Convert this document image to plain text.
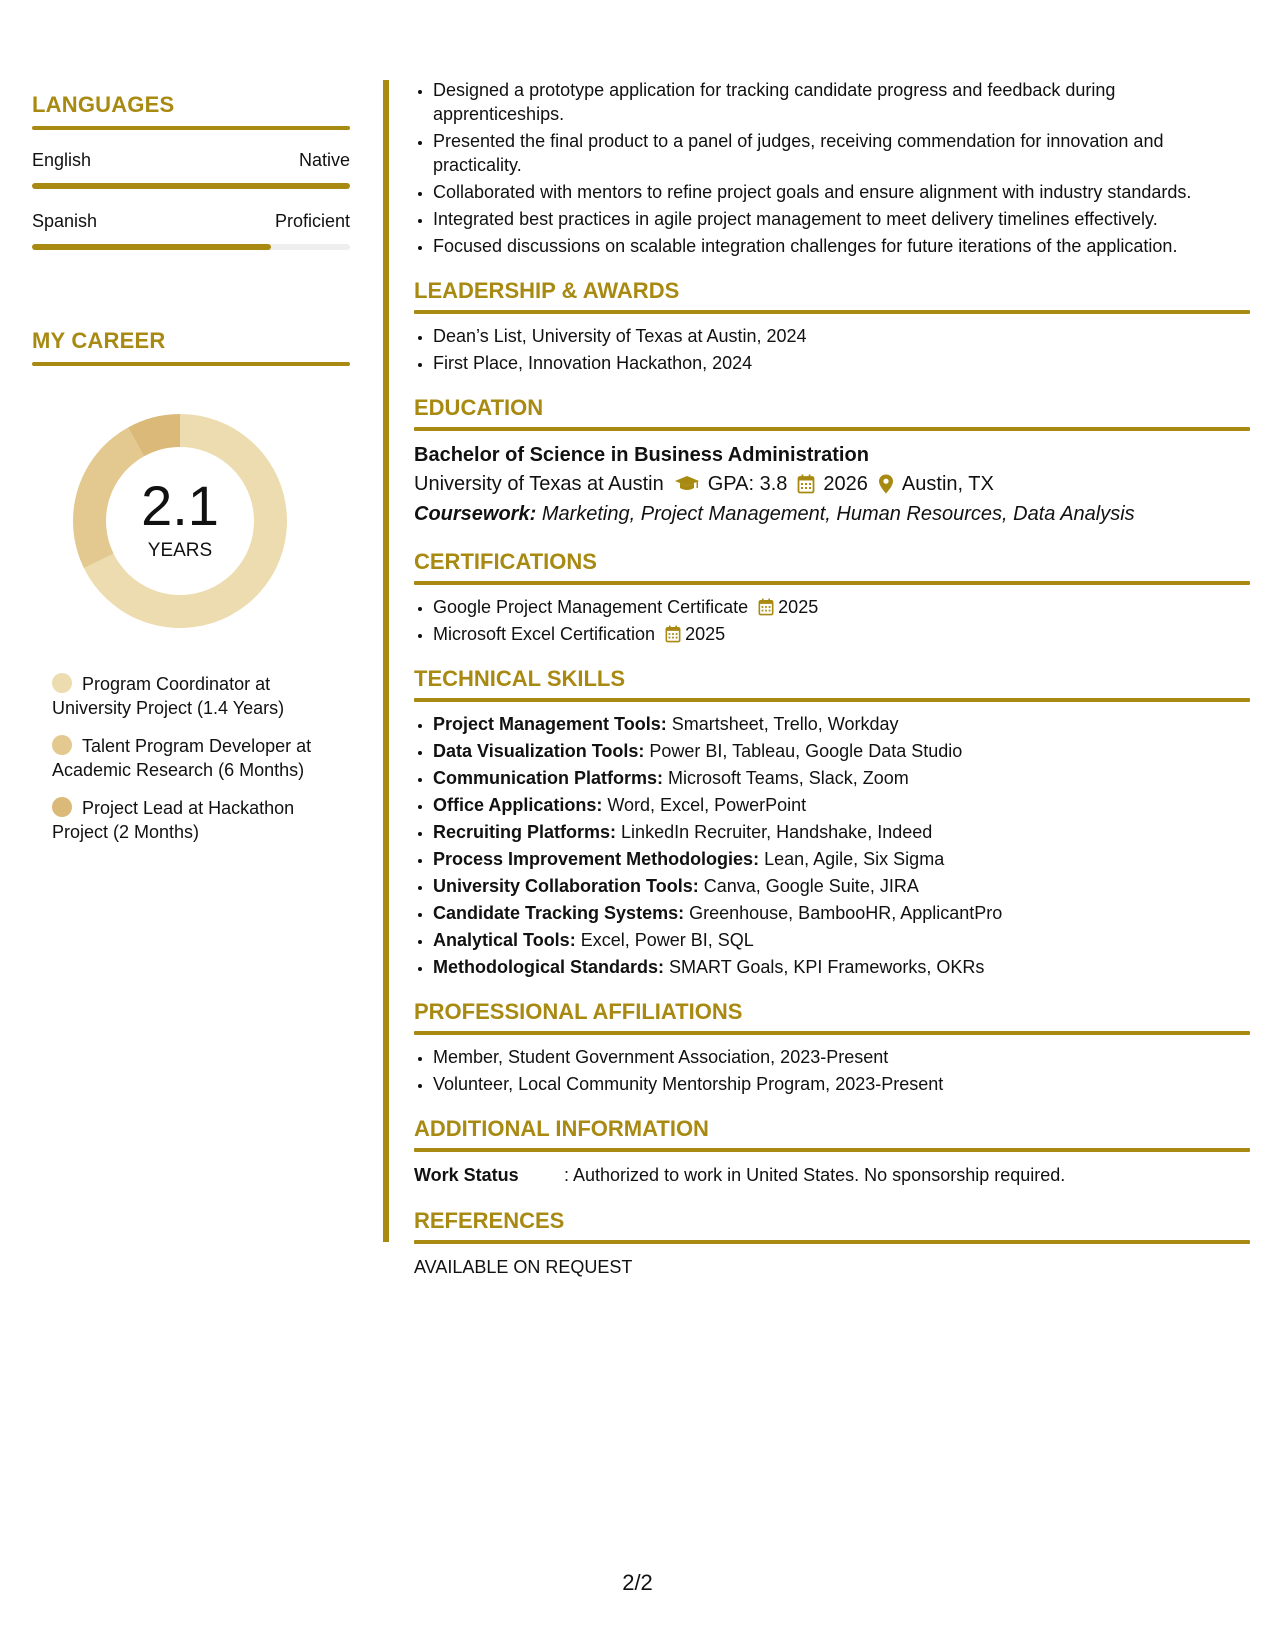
LANGUAGES
English	Native
Spanish	Proficient
MY CAREER
2.1
YEARS
Program Coordinator at University Project (1.4 Years)
Talent Program Developer at Academic Research (6 Months)
Project Lead at Hackathon Project (2 Months)
• Designed a prototype application for tracking candidate progress and feedback during apprenticeships.
• Presented the final product to a panel of judges, receiving commendation for innovation and practicality.
• Collaborated with mentors to refine project goals and ensure alignment with industry standards.
• Integrated best practices in agile project management to meet delivery timelines effectively.
• Focused discussions on scalable integration challenges for future iterations of the application.
LEADERSHIP & AWARDS
• Dean’s List, University of Texas at Austin, 2024
• First Place, Innovation Hackathon, 2024
EDUCATION
Bachelor of Science in Business Administration
University of Texas at Austin GPA: 3.8 2026 Austin, TX
Coursework: Marketing, Project Management, Human Resources, Data Analysis
CERTIFICATIONS
• Google Project Management Certificate 2025
• Microsoft Excel Certification 2025
TECHNICAL SKILLS
• Project Management Tools: Smartsheet, Trello, Workday
• Data Visualization Tools: Power BI, Tableau, Google Data Studio
• Communication Platforms: Microsoft Teams, Slack, Zoom
• Office Applications: Word, Excel, PowerPoint
• Recruiting Platforms: LinkedIn Recruiter, Handshake, Indeed
• Process Improvement Methodologies: Lean, Agile, Six Sigma
• University Collaboration Tools: Canva, Google Suite, JIRA
• Candidate Tracking Systems: Greenhouse, BambooHR, ApplicantPro
• Analytical Tools: Excel, Power BI, SQL
• Methodological Standards: SMART Goals, KPI Frameworks, OKRs
PROFESSIONAL AFFILIATIONS
• Member, Student Government Association, 2023-Present
• Volunteer, Local Community Mentorship Program, 2023-Present
ADDITIONAL INFORMATION
Work Status	: Authorized to work in United States. No sponsorship required.
REFERENCES
AVAILABLE ON REQUEST
2/2
